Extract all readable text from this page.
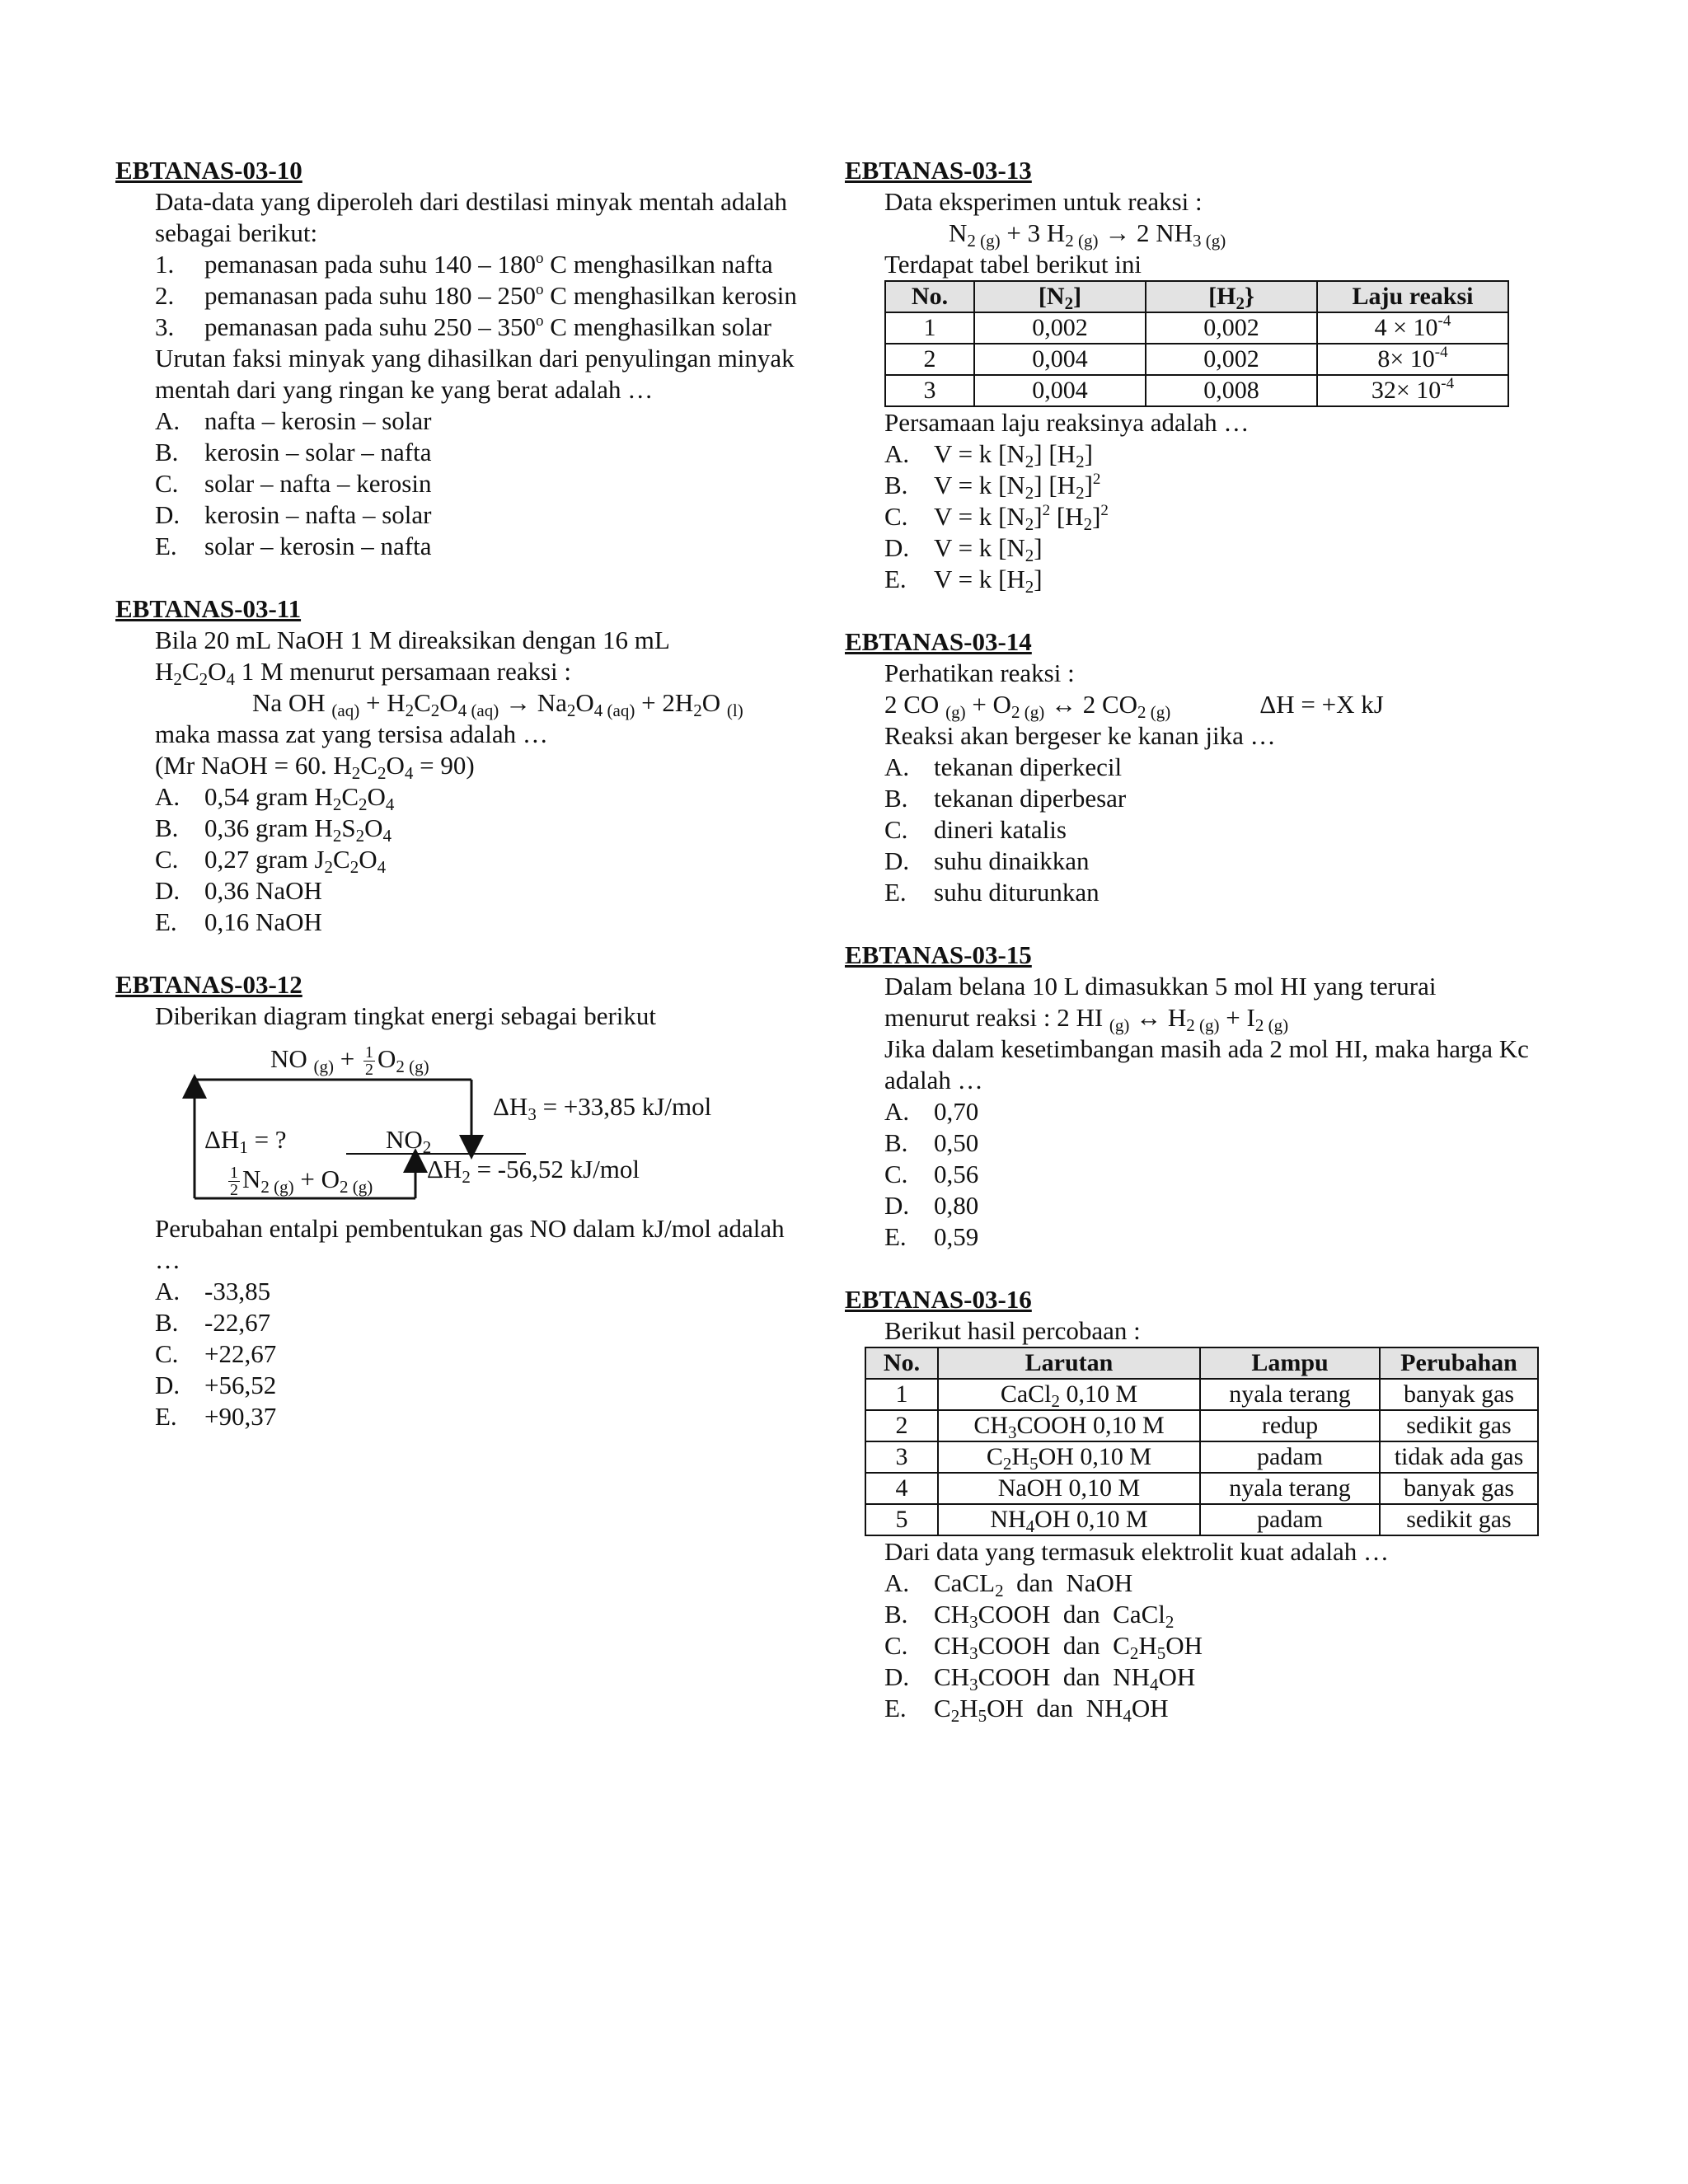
EBTANAS-03-10
Data-data yang diperoleh dari destilasi minyak mentah adalah sebagai berikut:
1.	pemanasan pada suhu 140 – 180$^o$ C menghasilkan nafta
2.	pemanasan pada suhu 180 – 250$^o$ C menghasilkan kerosin
3.	pemanasan pada suhu 250 – 350$^o$ C menghasilkan solar
Urutan faksi minyak yang dihasilkan dari penyulingan minyak mentah dari yang ringan ke yang berat adalah …
A. nafta – kerosin – solar
B.	kerosin – solar – nafta
C.	solar – nafta – kerosin
D. kerosin – nafta – solar
E.	solar – kerosin – nafta
EBTANAS-03-11
Bila 20 mL NaOH 1 M direaksikan dengan 16 mL
$H_2C_2O_4$ 1 M menurut persamaan reaksi :
Na OH $_{(aq)} + H_2C_2O_{4 (aq)} \to Na_2O_{4 (aq)} + 2H_2O$ $_{(l)}$
maka massa zat yang tersisa adalah …
(Mr NaOH = 60. $H_2C_2O_4 = 90$)
A. 0,54 gram $H_2C_2O_4$
B.	0,36 gram $H_2S_2O_4$
C.	0,27 gram $J_2C_2O_4$
D. 0,36 NaOH
E.	0,16 NaOH
EBTANAS-03-12
Diberikan diagram tingkat energi sebagai berikut
NO $_{(g)} + \frac{1}{2} O_{2 (g)}$
$\Delta H_3 = +33,85$ kJ/mol
$\Delta H_1$ = ?	$NO_2$
$\Delta H_2 = -56,52$ kJ/mol
$\frac{1}{2} N_{2 (g)} + O_{2 (g)}$
Perubahan entalpi pembentukan gas NO dalam kJ/mol adalah …
A. -33,85
B.	-22,67
C.	+22,67
D. +56,52
E.	+90,37
EBTANAS-03-13
Data eksperimen untuk reaksi :
$N_{2 (g)} + 3$ $H_{2 (g)} \to 2$ $NH_{3 (g)}$
Terdapat tabel berikut ini
No.	$[N_2]$	$[H_2\}$	Laju reaksi
1	0,002	0,002	$4 \times 10^{-4}$
2	0,004	0,002	$8\times 10^{-4}$
3	0,004	0,008	$32\times 10^{-4}$
Persamaan laju reaksinya adalah …
A. V = k $[N_2]$ $[H_2]$
B.	V = k $[N_2]$ $[H_2]^2$
C.	V = k $[N_2]^2$ $[H_2]^2$
D. V = k $[N_2]$
E.	V = k $[H_2]$
EBTANAS-03-14
Perhatikan reaksi :
2 CO $_{(g)} + O_{2 (g)}$ ↔ 2 $CO_{2 (g)}$	ΔH = +X kJ
Reaksi akan bergeser ke kanan jika …
A. tekanan diperkecil
B.	tekanan diperbesar
C.	dineri katalis
D. suhu dinaikkan
E.	suhu diturunkan
EBTANAS-03-15
Dalam belana 10 L dimasukkan 5 mol HI yang terurai
menurut reaksi : 2 HI $_{(g)}$ ↔ $H_{2 (g)} + I_{2 (g)}$
Jika dalam kesetimbangan masih ada 2 mol HI, maka harga Kc adalah …
A. 0,70
B.	0,50
C.	0,56
D. 0,80
E.	0,59
EBTANAS-03-16
Berikut hasil percobaan :
No.	Larutan	Lampu	Perubahan
1	CaCl$_2$ 0,10 M	nyala terang	banyak gas
2	$CH_3COOH$ 0,10 M	redup	sedikit gas
3	$C_2H_5OH$ 0,10 M	padam	tidak ada gas
4	NaOH 0,10 M	nyala terang	banyak gas
5	$NH_4OH$ 0,10 M	padam	sedikit gas
Dari data yang termasuk elektrolit kuat adalah …
A. CaCL$_2$  dan  NaOH
B.	$CH_3COOH$  dan  CaCl$_2$
C.	$CH_3COOH$  dan  $C_2H_5OH$
D. $CH_3COOH$  dan  $NH_4OH$
E.	$C_2H_5OH$  dan  $NH_4OH$
